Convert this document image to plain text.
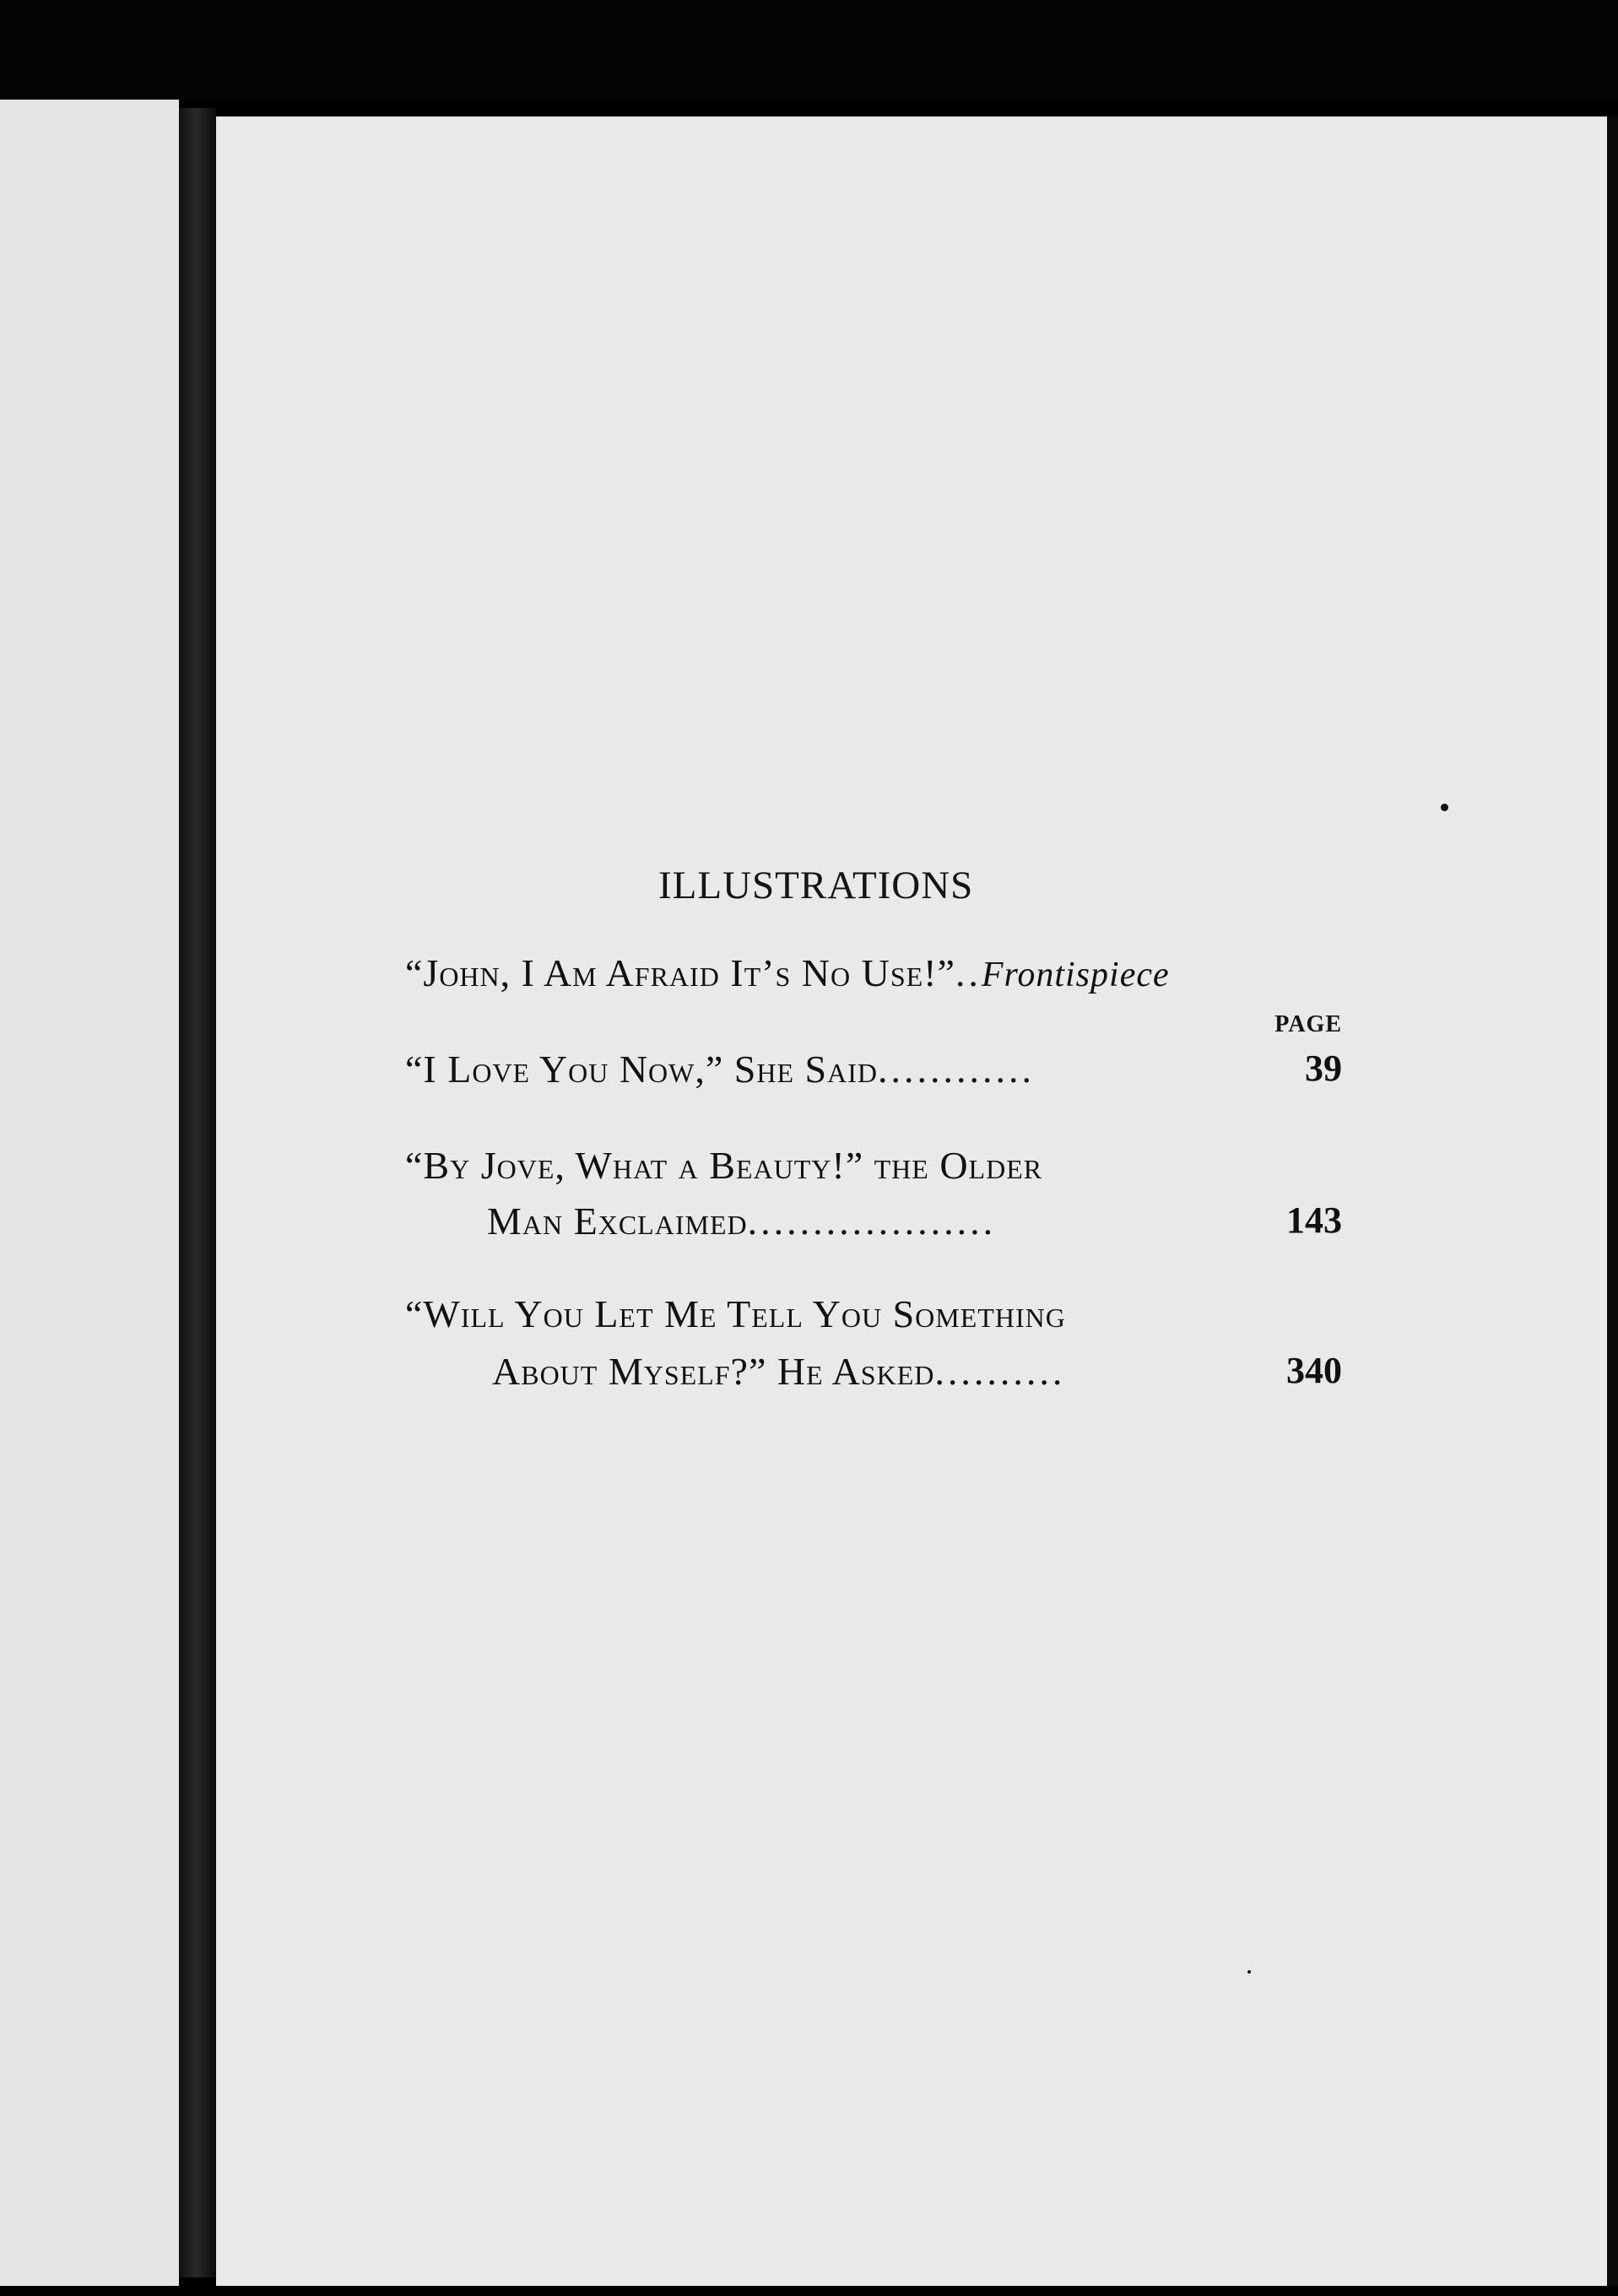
ILLUSTRATIONS
“John, I Am Afraid It’s No Use!”..Frontispiece
PAGE
“I Love You Now,” She Said............	39
“By Jove, What a Beauty!” the Older
Man Exclaimed...................	143
“Will You Let Me Tell You Something
About Myself?” He Asked..........	340
